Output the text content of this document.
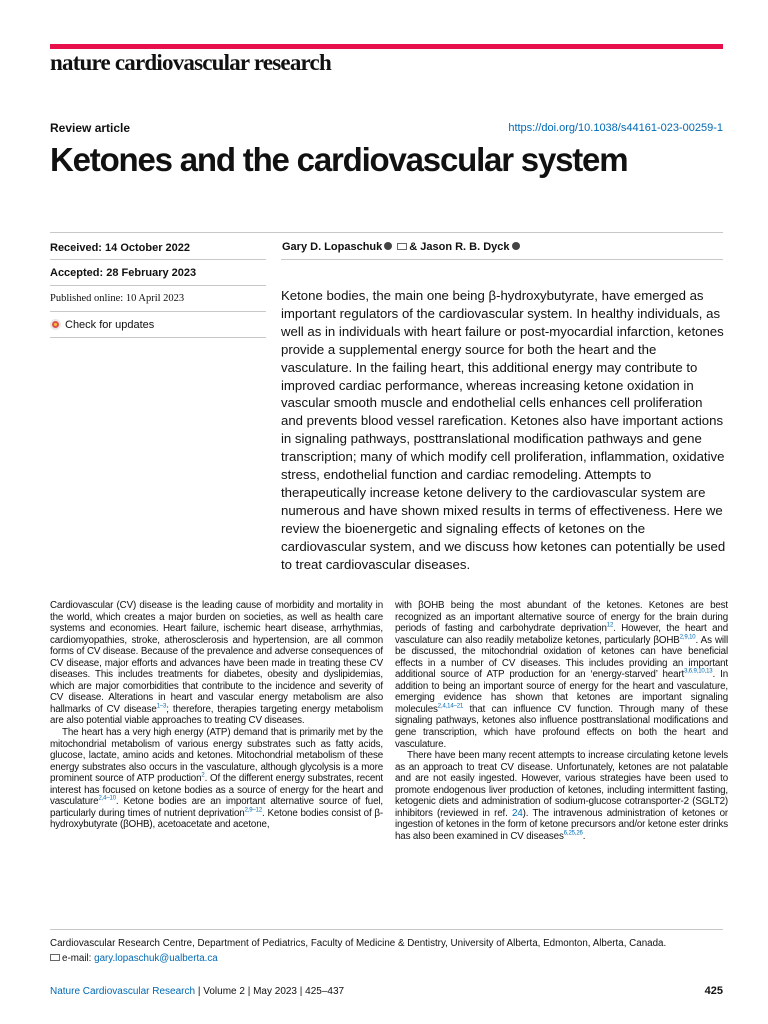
nature cardiovascular research
Review article	https://doi.org/10.1038/s44161-023-00259-1
Ketones and the cardiovascular system
Received: 14 October 2022
Accepted: 28 February 2023
Published online: 10 April 2023
Check for updates
Gary D. Lopaschuk & Jason R. B. Dyck
Ketone bodies, the main one being β-hydroxybutyrate, have emerged as important regulators of the cardiovascular system. In healthy individuals, as well as in individuals with heart failure or post-myocardial infarction, ketones provide a supplemental energy source for both the heart and the vasculature. In the failing heart, this additional energy may contribute to improved cardiac performance, whereas increasing ketone oxidation in vascular smooth muscle and endothelial cells enhances cell proliferation and prevents blood vessel rarefication. Ketones also have important actions in signaling pathways, posttranslational modification pathways and gene transcription; many of which modify cell proliferation, inflammation, oxidative stress, endothelial function and cardiac remodeling. Attempts to therapeutically increase ketone delivery to the cardiovascular system are numerous and have shown mixed results in terms of effectiveness. Here we review the bioenergetic and signaling effects of ketones on the cardiovascular system, and we discuss how ketones can potentially be used to treat cardiovascular diseases.

Cardiovascular (CV) disease is the leading cause of morbidity and mortality in the world, which creates a major burden on societies, as well as health care systems and economies. Heart failure, ischemic heart disease, arrhythmias, cardiomyopathies, stroke, atherosclerosis and hypertension, are all common forms of CV disease. Because of the prevalence and adverse consequences of CV disease, major efforts and advances have been made in treating these CV diseases. This includes treatments for diabetes, obesity and dyslipidemias, which are major comorbidities that contribute to the incidence and severity of CV disease. Alterations in heart and vascular energy metabolism are also hallmarks of CV disease$^{1-3}$; therefore, therapies targeting energy metabolism are also potential viable approaches to treating CV diseases.

The heart has a very high energy (ATP) demand that is primarily met by the mitochondrial metabolism of various energy substrates such as fatty acids, glucose, lactate, amino acids and ketones. Mitochondrial metabolism of these energy substrates also occurs in the vasculature, although glycolysis is a more prominent source of ATP production$^2$. Of the different energy substrates, recent interest has focused on ketone bodies as a source of energy for the heart and vasculature$^{2,4-10}$. Ketone bodies are an important alternative source of fuel, particularly during times of nutrient deprivation$^{2,9-12}$. Ketone bodies consist of β-hydroxybutyrate (βOHB), acetoacetate and acetone,

with βOHB being the most abundant of the ketones. Ketones are best recognized as an important alternative source of energy for the brain during periods of fasting and carbohydrate deprivation$^{12}$. However, the heart and vasculature can also readily metabolize ketones, particularly βOHB$^{2,9,10}$. As will be discussed, the mitochondrial oxidation of ketones can have beneficial effects in a number of CV diseases. This includes providing an important additional source of ATP production for an ‘energy-starved’ heart$^{3,6,9,10,13}$. In addition to being an important source of energy for the heart and vasculature, emerging evidence has shown that ketones are important signaling molecules$^{2,4,14-21}$ that can influence CV function. Through many of these signaling pathways, ketones also influence posttranslational modifications and gene transcription, which have profound effects on both the heart and vasculature.

There have been many recent attempts to increase circulating ketone levels as an approach to treat CV disease. Unfortunately, ketones are not palatable and are not easily ingested. However, various strategies have been used to promote endogenous liver production of ketones, including intermittent fasting, ketogenic diets and administration of sodium-glucose cotransporter-2 (SGLT2) inhibitors (reviewed in ref. 24). The intravenous administration of ketones or ingestion of ketones in the form of ketone precursors and/or ketone ester drinks has also been examined in CV diseases$^{6,25,26}$.

Cardiovascular Research Centre, Department of Pediatrics, Faculty of Medicine & Dentistry, University of Alberta, Edmonton, Alberta, Canada.
e-mail: gary.lopaschuk@ualberta.ca
Nature Cardiovascular Research | Volume 2 | May 2023 | 425–437	425
